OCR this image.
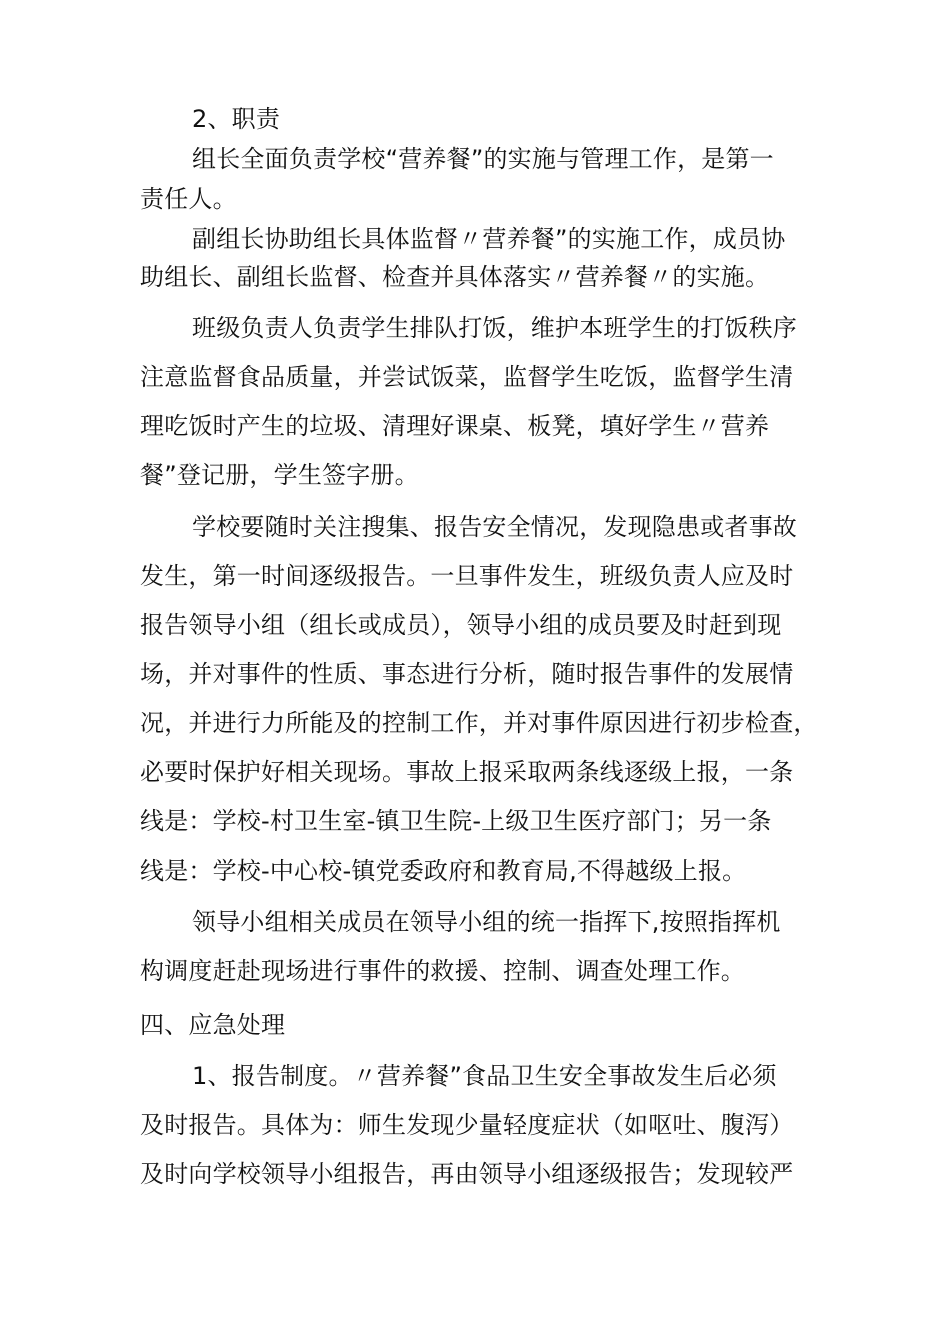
2、职责
组长全面负责学校“营养餐”的实施与管理工作，是第一
责任人。
副组长协助组长具体监督〃营养餐”的实施工作，成员协
助组长、副组长监督、检查并具体落实〃营养餐〃的实施。
班级负责人负责学生排队打饭，维护本班学生的打饭秩序
注意监督食品质量，并尝试饭菜，监督学生吃饭，监督学生清
理吃饭时产生的垃圾、清理好课桌、板凳，填好学生〃营养
餐”登记册，学生签字册。
学校要随时关注搜集、报告安全情况，发现隐患或者事故
发生，第一时间逐级报告。一旦事件发生，班级负责人应及时
报告领导小组（组长或成员），领导小组的成员要及时赶到现
场，并对事件的性质、事态进行分析，随时报告事件的发展情
况，并进行力所能及的控制工作，并对事件原因进行初步检查，
必要时保护好相关现场。事故上报采取两条线逐级上报，一条
线是：学校-村卫生室-镇卫生院-上级卫生医疗部门；另一条
线是：学校-中心校-镇党委政府和教育局,不得越级上报。
领导小组相关成员在领导小组的统一指挥下,按照指挥机
构调度赶赴现场进行事件的救援、控制、调查处理工作。
四、应急处理
1、报告制度。〃营养餐”食品卫生安全事故发生后必须
及时报告。具体为：师生发现少量轻度症状（如呕吐、腹泻）
及时向学校领导小组报告，再由领导小组逐级报告；发现较严
